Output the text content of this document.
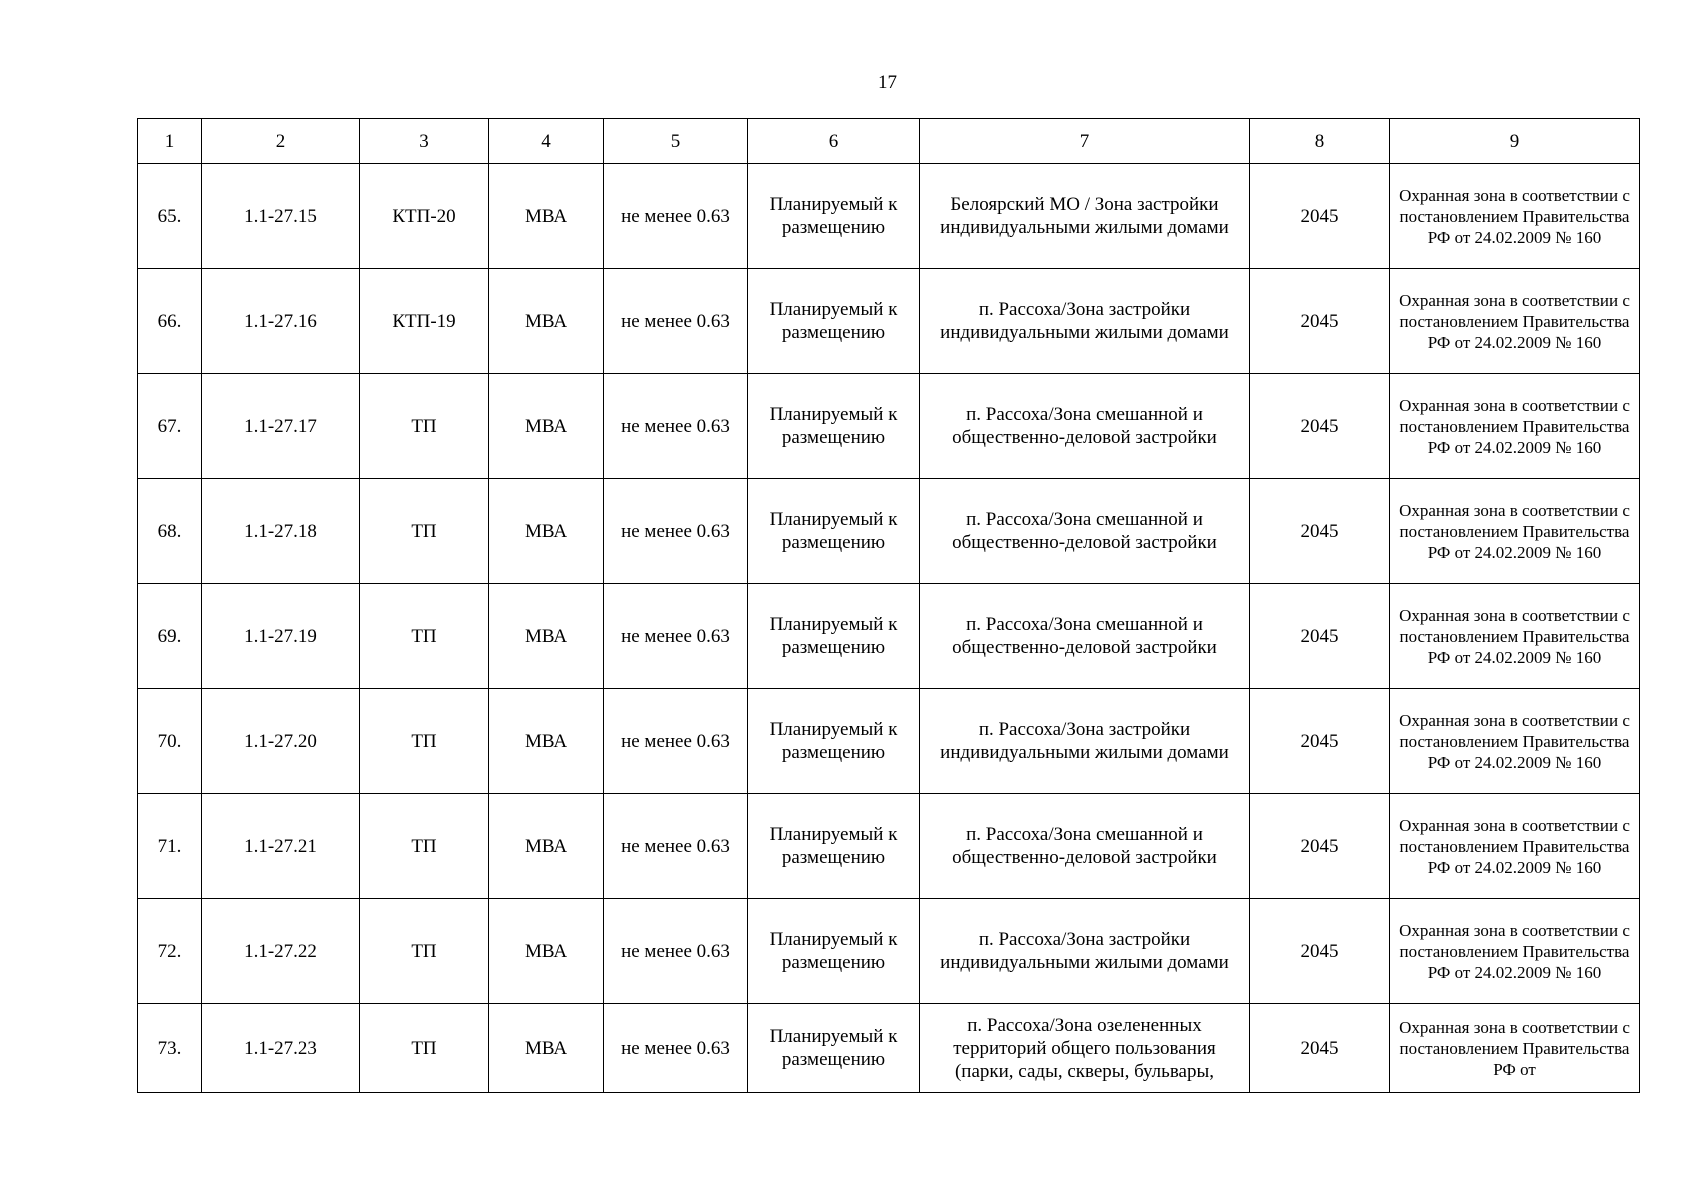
17
1	2	3	4	5	6	7	8	9
65.	1.1-27.15	КТП-20	МВА	не менее 0.63	Планируемый к размещению	Белоярский МО / Зона застройки индивидуальными жилыми домами	2045	Охранная зона в соответствии с постановлением Правительства РФ от 24.02.2009 № 160
66.	1.1-27.16	КТП-19	МВА	не менее 0.63	Планируемый к размещению	п. Рассоха/Зона застройки индивидуальными жилыми домами	2045	Охранная зона в соответствии с постановлением Правительства РФ от 24.02.2009 № 160
67.	1.1-27.17	ТП	МВА	не менее 0.63	Планируемый к размещению	п. Рассоха/Зона смешанной и общественно-деловой застройки	2045	Охранная зона в соответствии с постановлением Правительства РФ от 24.02.2009 № 160
68.	1.1-27.18	ТП	МВА	не менее 0.63	Планируемый к размещению	п. Рассоха/Зона смешанной и общественно-деловой застройки	2045	Охранная зона в соответствии с постановлением Правительства РФ от 24.02.2009 № 160
69.	1.1-27.19	ТП	МВА	не менее 0.63	Планируемый к размещению	п. Рассоха/Зона смешанной и общественно-деловой застройки	2045	Охранная зона в соответствии с постановлением Правительства РФ от 24.02.2009 № 160
70.	1.1-27.20	ТП	МВА	не менее 0.63	Планируемый к размещению	п. Рассоха/Зона застройки индивидуальными жилыми домами	2045	Охранная зона в соответствии с постановлением Правительства РФ от 24.02.2009 № 160
71.	1.1-27.21	ТП	МВА	не менее 0.63	Планируемый к размещению	п. Рассоха/Зона смешанной и общественно-деловой застройки	2045	Охранная зона в соответствии с постановлением Правительства РФ от 24.02.2009 № 160
72.	1.1-27.22	ТП	МВА	не менее 0.63	Планируемый к размещению	п. Рассоха/Зона застройки индивидуальными жилыми домами	2045	Охранная зона в соответствии с постановлением Правительства РФ от 24.02.2009 № 160
73.	1.1-27.23	ТП	МВА	не менее 0.63	Планируемый к размещению	п. Рассоха/Зона озелененных территорий общего пользования (парки, сады, скверы, бульвары,	2045	Охранная зона в соответствии с постановлением Правительства РФ от
